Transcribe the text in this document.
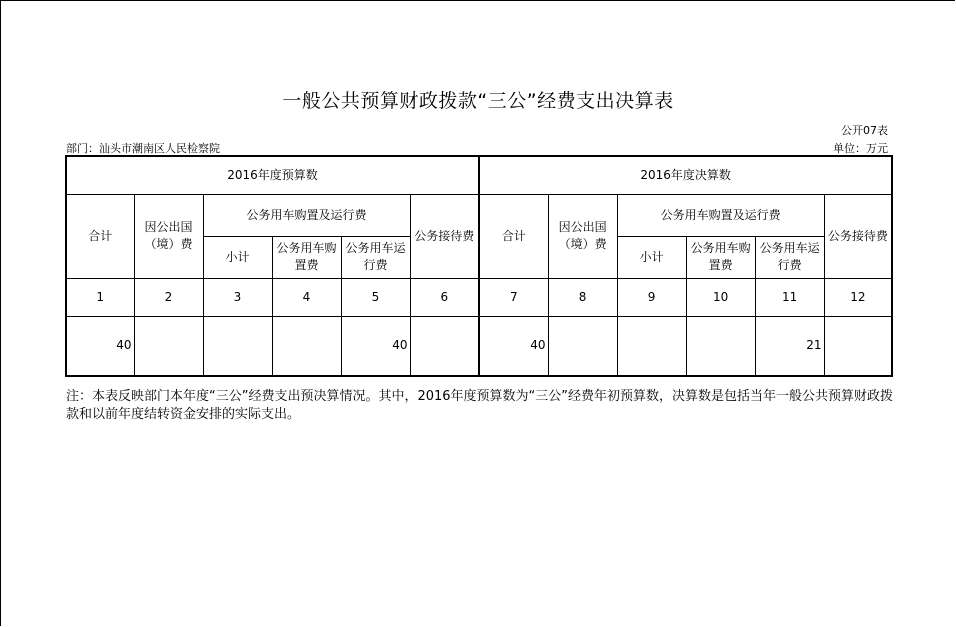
一般公共预算财政拨款“三公”经费支出决算表
公开07表
部门：汕头市潮南区人民检察院	单位：万元
2016年度预算数						2016年度决算数					
合计	因公出国（境）费	公务用车购置及运行费			公务接待费	合计	因公出国（境）费	公务用车购置及运行费			公务接待费
		小计	公务用车购置费	公务用车运行费				小计	公务用车购置费	公务用车运行费	
1	2	3	4	5	6	7	8	9	10	11	12
40				40		40				21	
注：本表反映部门本年度“三公”经费支出预决算情况。其中，2016年度预算数为“三公”经费年初预算数，决算数是包括当年一般公共预算财政拨款和以前年度结转资金安排的实际支出。
